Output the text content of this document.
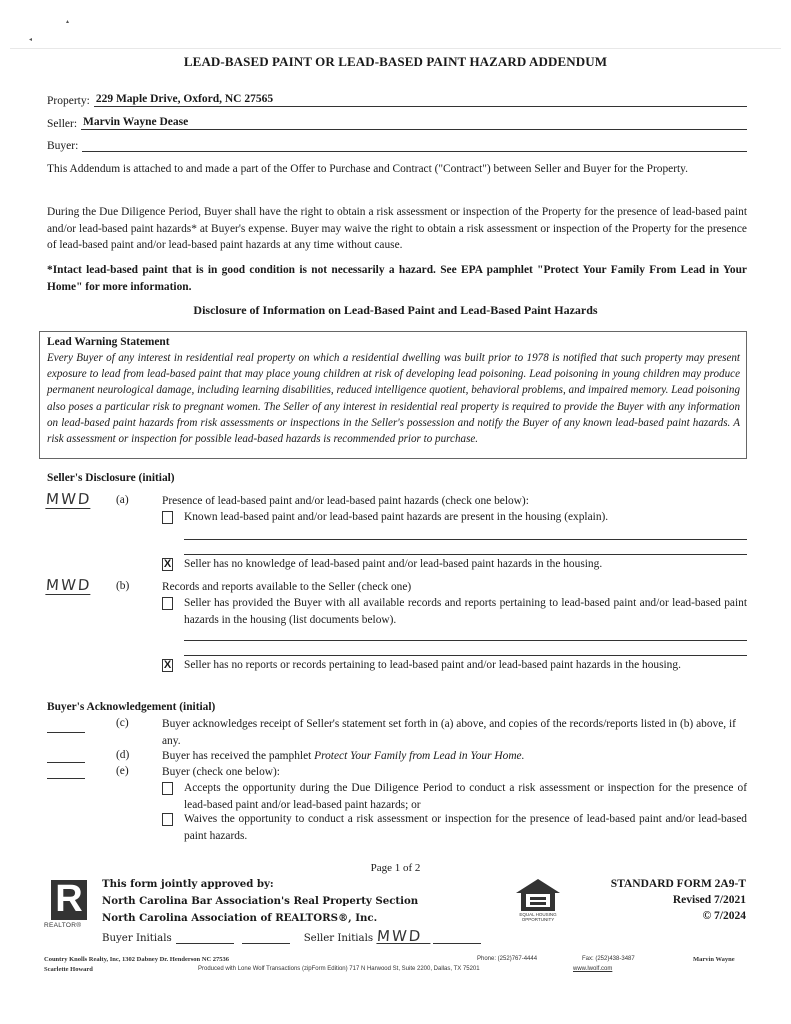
▴
◂
LEAD-BASED PAINT OR LEAD-BASED PAINT HAZARD ADDENDUM
Property: 229 Maple Drive, Oxford, NC 27565
Seller: Marvin Wayne Dease
Buyer:
This Addendum is attached to and made a part of the Offer to Purchase and Contract ("Contract") between Seller and Buyer for the Property.
During the Due Diligence Period, Buyer shall have the right to obtain a risk assessment or inspection of the Property for the presence of lead-based paint and/or lead-based paint hazards* at Buyer's expense. Buyer may waive the right to obtain a risk assessment or inspection of the Property for the presence of lead-based paint and/or lead-based paint hazards at any time without cause.
*Intact lead-based paint that is in good condition is not necessarily a hazard. See EPA pamphlet "Protect Your Family From Lead in Your Home" for more information.
Disclosure of Information on Lead-Based Paint and Lead-Based Paint Hazards
Lead Warning Statement
Every Buyer of any interest in residential real property on which a residential dwelling was built prior to 1978 is notified that such property may present exposure to lead from lead-based paint that may place young children at risk of developing lead poisoning. Lead poisoning in young children may produce permanent neurological damage, including learning disabilities, reduced intelligence quotient, behavioral problems, and impaired memory. Lead poisoning also poses a particular risk to pregnant women. The Seller of any interest in residential real property is required to provide the Buyer with any information on lead-based paint hazards from risk assessments or inspections in the Seller's possession and notify the Buyer of any known lead-based paint hazards. A risk assessment or inspection for possible lead-based hazards is recommended prior to purchase.
Seller's Disclosure (initial)
MWD (a)	Presence of lead-based paint and/or lead-based paint hazards (check one below):
Known lead-based paint and/or lead-based paint hazards are present in the housing (explain).
X Seller has no knowledge of lead-based paint and/or lead-based paint hazards in the housing.
MWD (b)	Records and reports available to the Seller (check one)
Seller has provided the Buyer with all available records and reports pertaining to lead-based paint and/or lead-based paint hazards in the housing (list documents below).
X Seller has no reports or records pertaining to lead-based paint and/or lead-based paint hazards in the housing.
Buyer's Acknowledgement (initial)
(c)	Buyer acknowledges receipt of Seller's statement set forth in (a) above, and copies of the records/reports listed in (b) above, if any.
(d)	Buyer has received the pamphlet Protect Your Family from Lead in Your Home.
(e)	Buyer (check one below):
Accepts the opportunity during the Due Diligence Period to conduct a risk assessment or inspection for the presence of lead-based paint and/or lead-based paint hazards; or
Waives the opportunity to conduct a risk assessment or inspection for the presence of lead-based paint and/or lead-based paint hazards.
Page 1 of 2
R
REALTOR®
This form jointly approved by:
North Carolina Bar Association's Real Property Section
North Carolina Association of REALTORS®, Inc.	EQUAL HOUSING OPPORTUNITY
STANDARD FORM 2A9-T
Revised 7/2021
© 7/2024
Buyer Initials	Seller Initials MWD
Country Knolls Realty, Inc, 1302 Dabney Dr. Henderson NC 27536	Phone: (252)767-4444	Fax: (252)438-3487	Marvin Wayne
Scarlette Howard	Produced with Lone Wolf Transactions (zipForm Edition) 717 N Harwood St, Suite 2200, Dallas, TX 75201	www.lwolf.com
